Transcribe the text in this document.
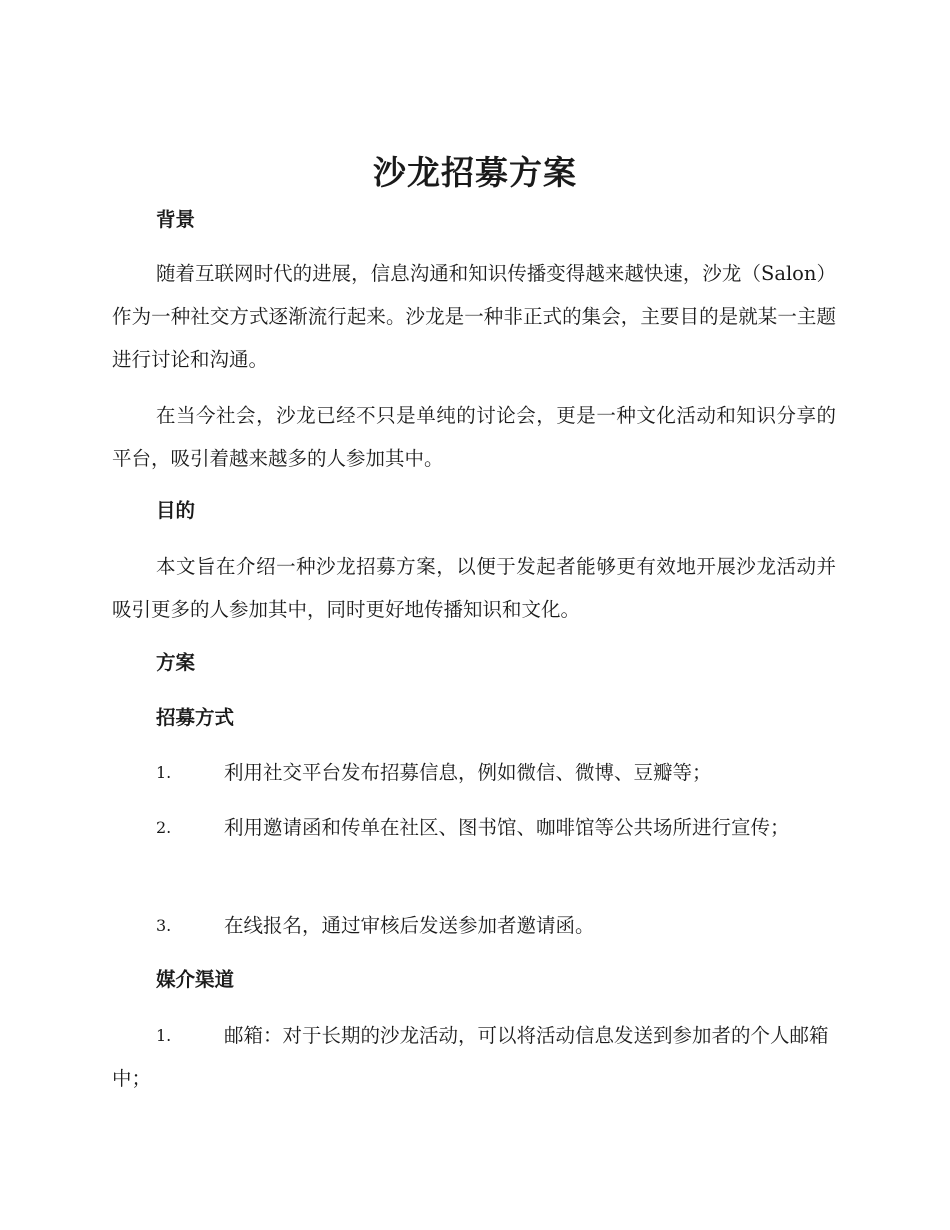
沙龙招募方案
背景

随着互联网时代的进展，信息沟通和知识传播变得越来越快速，沙龙（Salon）作为一种社交方式逐渐流行起来。沙龙是一种非正式的集会，主要目的是就某一主题进行讨论和沟通。

在当今社会，沙龙已经不只是单纯的讨论会，更是一种文化活动和知识分享的平台，吸引着越来越多的人参加其中。

目的

本文旨在介绍一种沙龙招募方案，以便于发起者能够更有效地开展沙龙活动并吸引更多的人参加其中，同时更好地传播知识和文化。

方案
招募方式
1.	利用社交平台发布招募信息，例如微信、微博、豆瓣等；
2.	利用邀请函和传单在社区、图书馆、咖啡馆等公共场所进行宣传；
3.	在线报名，通过审核后发送参加者邀请函。
媒介渠道
1.	邮箱：对于长期的沙龙活动，可以将活动信息发送到参加者的个人邮箱中；
